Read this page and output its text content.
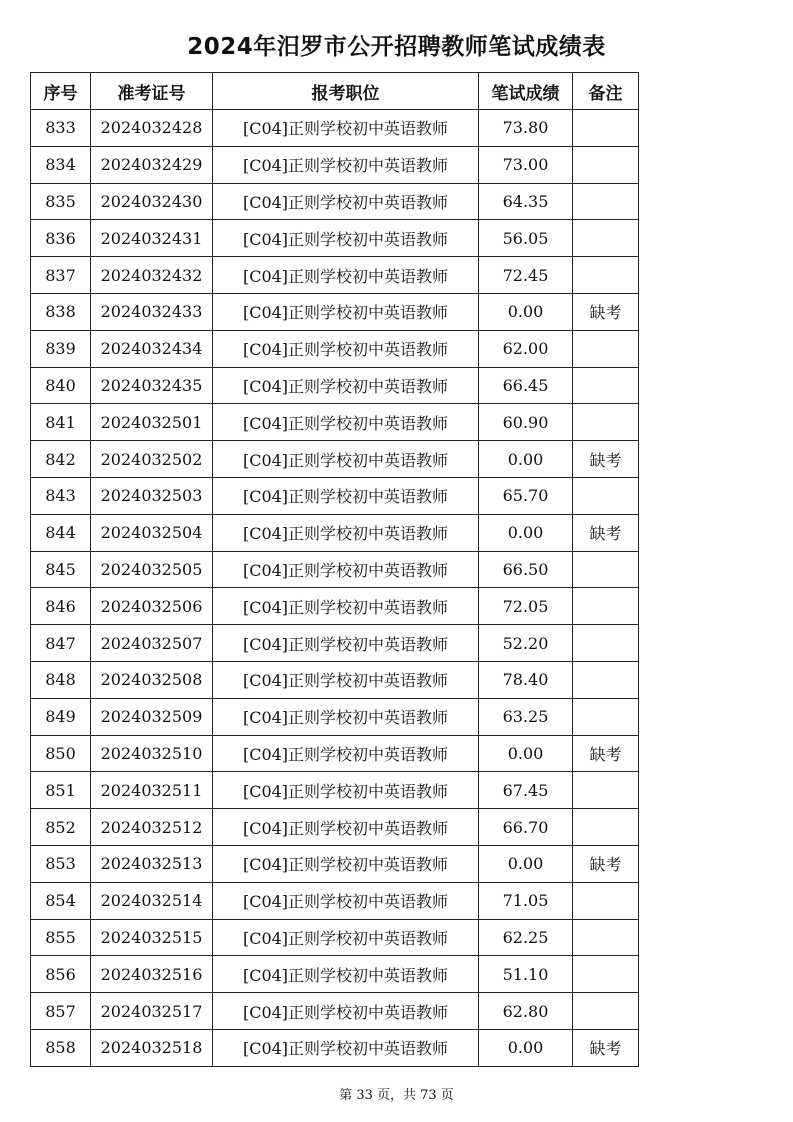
2024年汨罗市公开招聘教师笔试成绩表
序号	准考证号	报考职位	笔试成绩	备注
833	2024032428	[C04]正则学校初中英语教师	73.80	
834	2024032429	[C04]正则学校初中英语教师	73.00	
835	2024032430	[C04]正则学校初中英语教师	64.35	
836	2024032431	[C04]正则学校初中英语教师	56.05	
837	2024032432	[C04]正则学校初中英语教师	72.45	
838	2024032433	[C04]正则学校初中英语教师	0.00	缺考
839	2024032434	[C04]正则学校初中英语教师	62.00	
840	2024032435	[C04]正则学校初中英语教师	66.45	
841	2024032501	[C04]正则学校初中英语教师	60.90	
842	2024032502	[C04]正则学校初中英语教师	0.00	缺考
843	2024032503	[C04]正则学校初中英语教师	65.70	
844	2024032504	[C04]正则学校初中英语教师	0.00	缺考
845	2024032505	[C04]正则学校初中英语教师	66.50	
846	2024032506	[C04]正则学校初中英语教师	72.05	
847	2024032507	[C04]正则学校初中英语教师	52.20	
848	2024032508	[C04]正则学校初中英语教师	78.40	
849	2024032509	[C04]正则学校初中英语教师	63.25	
850	2024032510	[C04]正则学校初中英语教师	0.00	缺考
851	2024032511	[C04]正则学校初中英语教师	67.45	
852	2024032512	[C04]正则学校初中英语教师	66.70	
853	2024032513	[C04]正则学校初中英语教师	0.00	缺考
854	2024032514	[C04]正则学校初中英语教师	71.05	
855	2024032515	[C04]正则学校初中英语教师	62.25	
856	2024032516	[C04]正则学校初中英语教师	51.10	
857	2024032517	[C04]正则学校初中英语教师	62.80	
858	2024032518	[C04]正则学校初中英语教师	0.00	缺考
第 33 页，共 73 页
